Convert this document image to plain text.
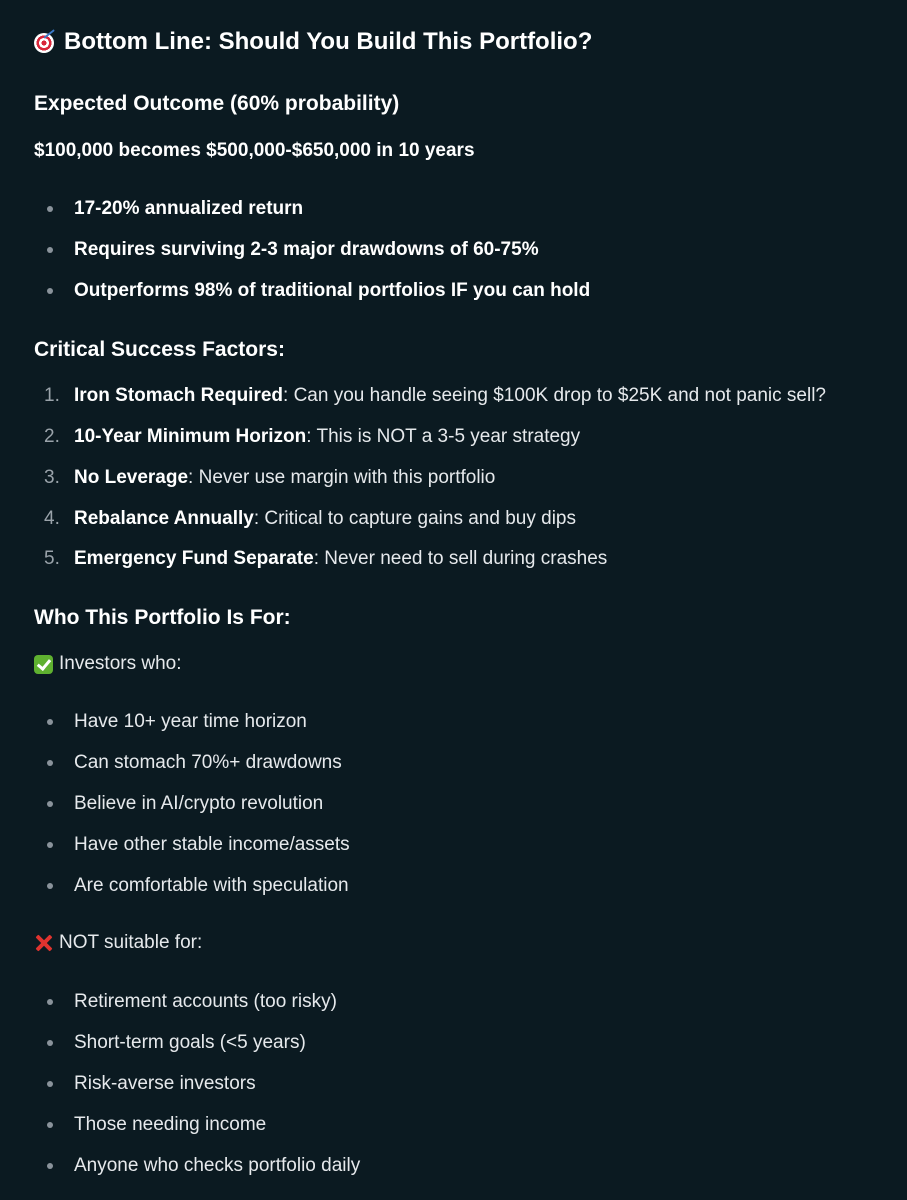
Bottom Line: Should You Build This Portfolio?
Expected Outcome (60% probability)
$100,000 becomes $500,000-$650,000 in 10 years
17-20% annualized return
Requires surviving 2-3 major drawdowns of 60-75%
Outperforms 98% of traditional portfolios IF you can hold
Critical Success Factors:
1. Iron Stomach Required: Can you handle seeing $100K drop to $25K and not panic sell?
2. 10-Year Minimum Horizon: This is NOT a 3-5 year strategy
3. No Leverage: Never use margin with this portfolio
4. Rebalance Annually: Critical to capture gains and buy dips
5. Emergency Fund Separate: Never need to sell during crashes
Who This Portfolio Is For:
Investors who:
Have 10+ year time horizon
Can stomach 70%+ drawdowns
Believe in AI/crypto revolution
Have other stable income/assets
Are comfortable with speculation
NOT suitable for:
Retirement accounts (too risky)
Short-term goals (<5 years)
Risk-averse investors
Those needing income
Anyone who checks portfolio daily
